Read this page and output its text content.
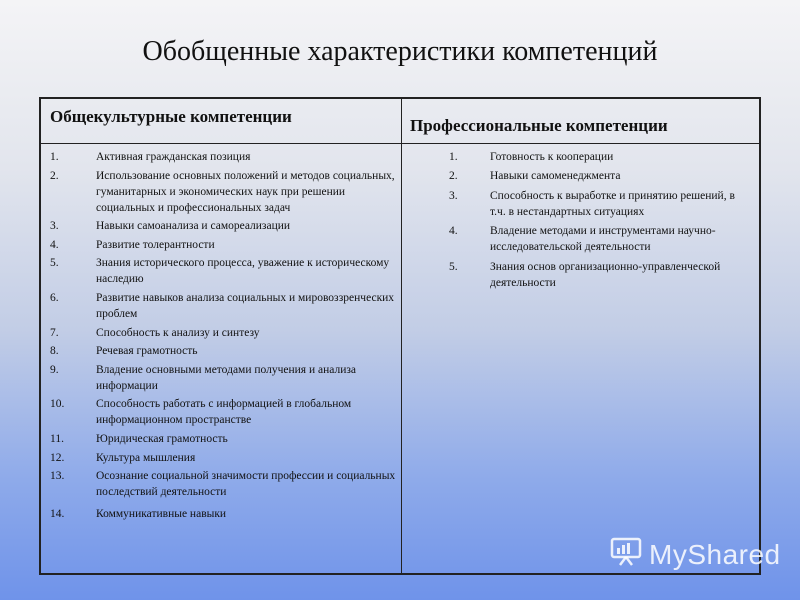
Обобщенные характеристики компетенций
Общекультурные компетенции	Профессиональные компетенции
1.	Активная гражданская позиция
2.	Использование основных положений и методов социальных, гуманитарных и экономических наук при решении социальных и профессиональных задач
3.	Навыки самоанализа и самореализации
4.	Развитие толерантности
5.	Знания исторического процесса, уважение к историческому наследию
6.	Развитие навыков анализа социальных и мировоззренческих проблем
7.	Способность к анализу и синтезу
8.	Речевая грамотность
9.	Владение основными методами получения и анализа информации
10.	Способность работать с информацией в глобальном информационном пространстве
11.	Юридическая грамотность
12.	Культура мышления
13.	Осознание социальной значимости профессии и социальных последствий деятельности
14.	Коммуникативные навыки
1.	Готовность к кооперации
2.	Навыки самоменеджмента
3.	Способность к выработке и принятию решений, в т.ч. в нестандартных ситуациях
4.	Владение методами и инструментами научно-исследовательской деятельности
5.	Знания основ организационно-управленческой деятельности
MyShared
